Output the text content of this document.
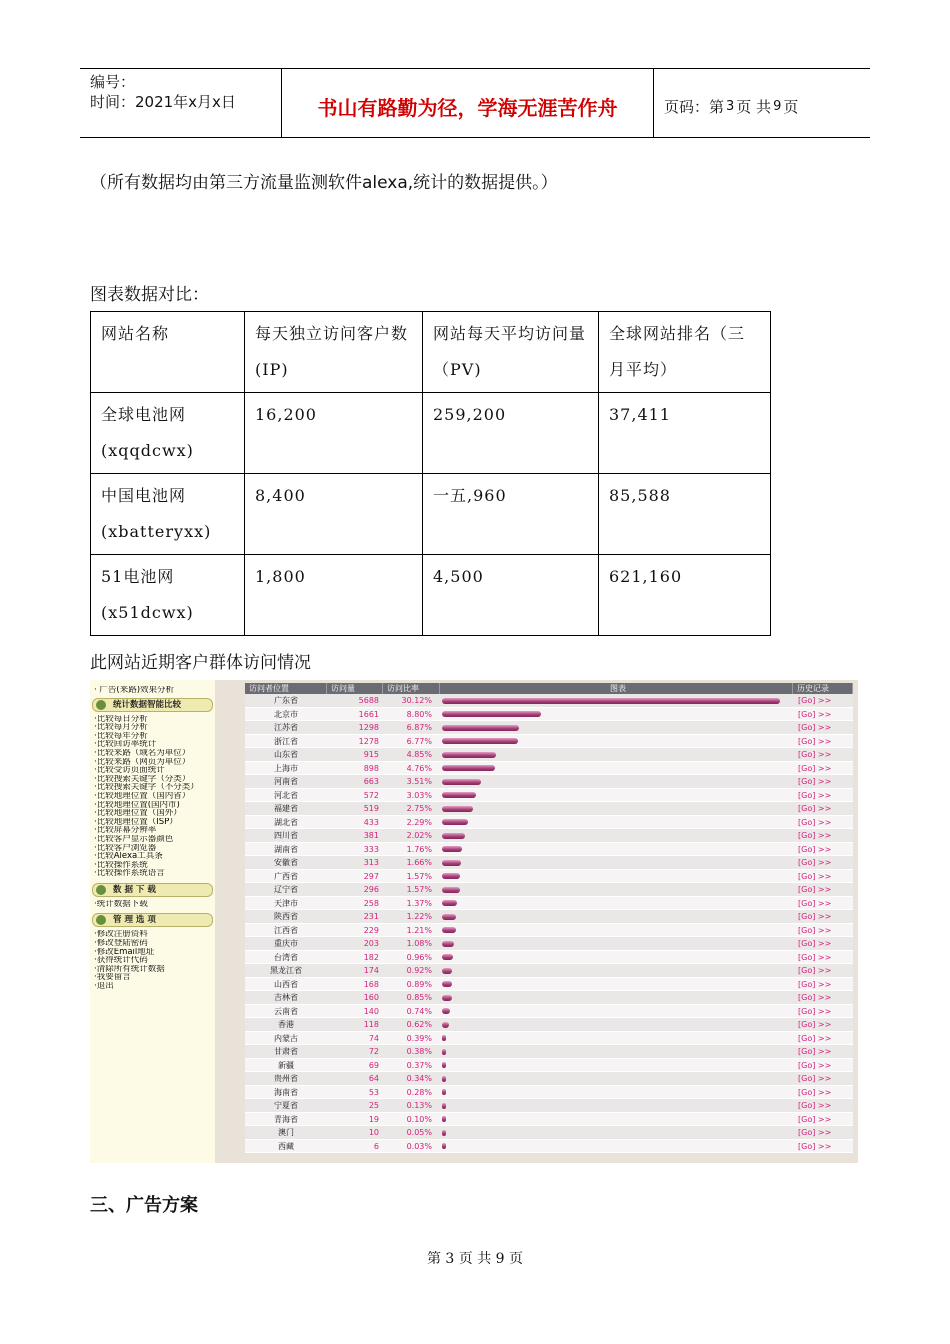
编号：
时间：2021年x月x日	书山有路勤为径，学海无涯苦作舟	页码：第 3 页 共 9 页
（所有数据均由第三方流量监测软件alexa,统计的数据提供。）
图表数据对比：
网站名称	每天独立访问客户数(IP)	网站每天平均访问量（PV)	全球网站排名（三月平均）
全球电池网(xqqdcwx)	16,200	259,200	37,411
中国电池网(xbatteryxx)	8,400	一五,960	85,588
51电池网(x51dcwx)	1,800	4,500	621,160
此网站近期客户群体访问情况
· 广告(来路)效果分析
统计数据智能比较
·比较每日分析
·比较每月分析
·比较每年分析
·比较回访率统计
·比较来路（域名为单位）
·比较来路（网页为单位）
·比较受访页面统计
·比较搜索关键字（分类）
·比较搜索关键字（不分类）
·比较地理位置（国内省）
·比较地理位置(国内市)
·比较地理位置（国外）
·比较地理位置（ISP）
·比较屏幕分辨率
·比较客户显示器颜色
·比较客户浏览器
·比较Alexa工具条
·比较操作系统
·比较操作系统语言
数 据 下 载
·统计数据下载
管 理 选 项
·修改注册资料
·修改登陆密码
·修改Email地址
·获得统计代码
·清除所有统计数据
·我要留言
·退出
访问者位置	访问量	访问比率	图表	历史记录
广东省	5688	30.12%	[Go] >>
北京市	1661	8.80%	[Go] >>
江苏省	1298	6.87%	[Go] >>
浙江省	1278	6.77%	[Go] >>
山东省	915	4.85%	[Go] >>
上海市	898	4.76%	[Go] >>
河南省	663	3.51%	[Go] >>
河北省	572	3.03%	[Go] >>
福建省	519	2.75%	[Go] >>
湖北省	433	2.29%	[Go] >>
四川省	381	2.02%	[Go] >>
湖南省	333	1.76%	[Go] >>
安徽省	313	1.66%	[Go] >>
广西省	297	1.57%	[Go] >>
辽宁省	296	1.57%	[Go] >>
天津市	258	1.37%	[Go] >>
陕西省	231	1.22%	[Go] >>
江西省	229	1.21%	[Go] >>
重庆市	203	1.08%	[Go] >>
台湾省	182	0.96%	[Go] >>
黑龙江省	174	0.92%	[Go] >>
山西省	168	0.89%	[Go] >>
吉林省	160	0.85%	[Go] >>
云南省	140	0.74%	[Go] >>
香港	118	0.62%	[Go] >>
内蒙古	74	0.39%	[Go] >>
甘肃省	72	0.38%	[Go] >>
新疆	69	0.37%	[Go] >>
贵州省	64	0.34%	[Go] >>
海南省	53	0.28%	[Go] >>
宁夏省	25	0.13%	[Go] >>
青海省	19	0.10%	[Go] >>
澳门	10	0.05%	[Go] >>
西藏	6	0.03%	[Go] >>
三、广告方案
第 3 页 共 9 页
